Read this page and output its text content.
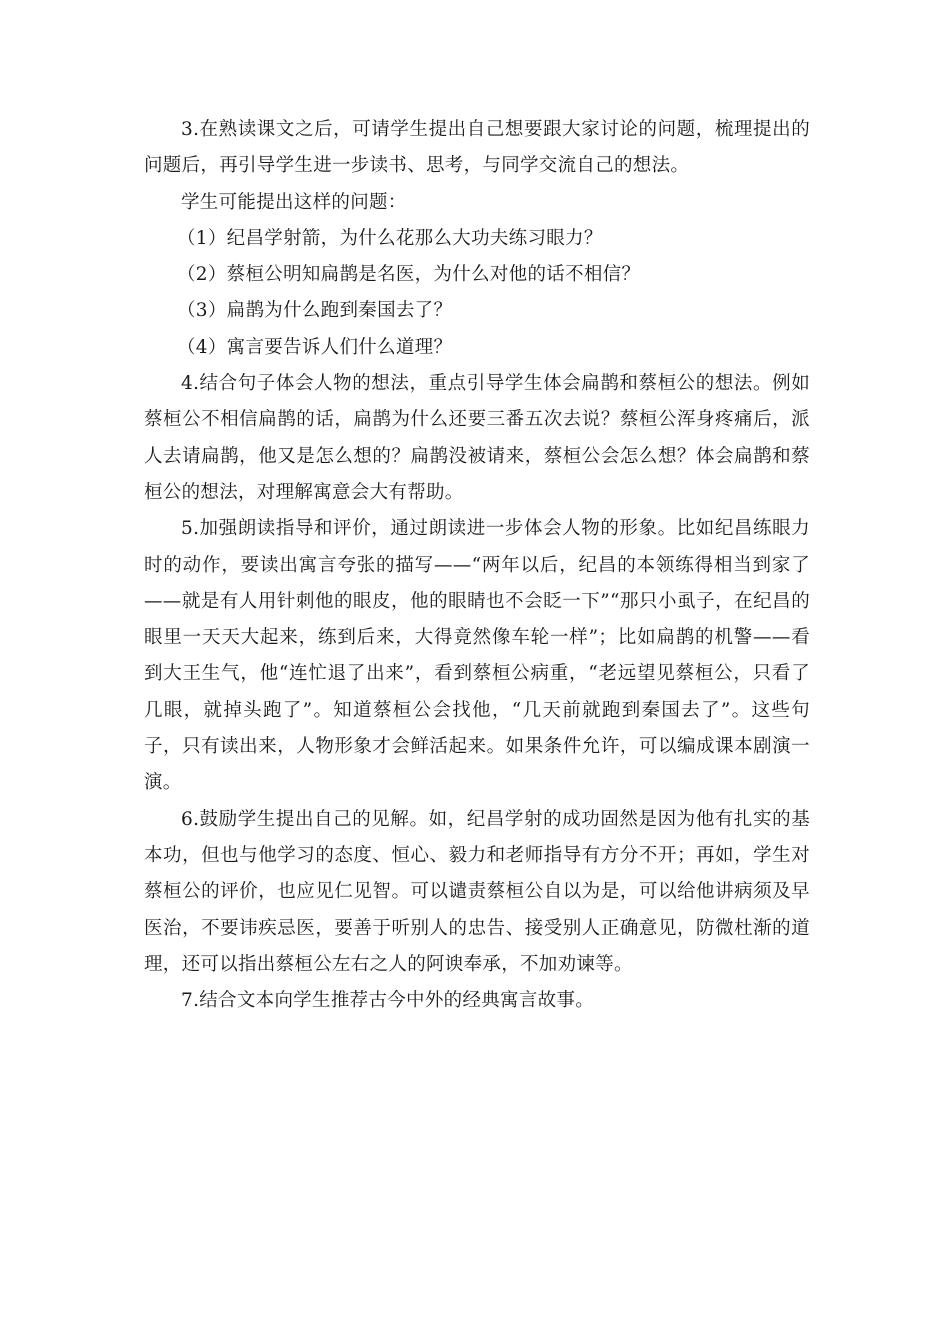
3.在熟读课文之后，可请学生提出自己想要跟大家讨论的问题，梳理提出的问题后，再引导学生进一步读书、思考，与同学交流自己的想法。

学生可能提出这样的问题：

（1）纪昌学射箭，为什么花那么大功夫练习眼力？

（2）蔡桓公明知扁鹊是名医，为什么对他的话不相信？

（3）扁鹊为什么跑到秦国去了？

（4）寓言要告诉人们什么道理？

4.结合句子体会人物的想法，重点引导学生体会扁鹊和蔡桓公的想法。例如蔡桓公不相信扁鹊的话，扁鹊为什么还要三番五次去说？蔡桓公浑身疼痛后，派人去请扁鹊，他又是怎么想的？扁鹊没被请来，蔡桓公会怎么想？体会扁鹊和蔡桓公的想法，对理解寓意会大有帮助。

5.加强朗读指导和评价，通过朗读进一步体会人物的形象。比如纪昌练眼力时的动作，要读出寓言夸张的描写——“两年以后，纪昌的本领练得相当到家了——就是有人用针刺他的眼皮，他的眼睛也不会眨一下”“那只小虱子，在纪昌的眼里一天天大起来，练到后来，大得竟然像车轮一样”；比如扁鹊的机警——看到大王生气，他“连忙退了出来”，看到蔡桓公病重，“老远望见蔡桓公，只看了几眼，就掉头跑了”。知道蔡桓公会找他，“几天前就跑到秦国去了”。这些句子，只有读出来，人物形象才会鲜活起来。如果条件允许，可以编成课本剧演一演。

6.鼓励学生提出自己的见解。如，纪昌学射的成功固然是因为他有扎实的基本功，但也与他学习的态度、恒心、毅力和老师指导有方分不开；再如，学生对蔡桓公的评价，也应见仁见智。可以谴责蔡桓公自以为是，可以给他讲病须及早医治，不要讳疾忌医，要善于听别人的忠告、接受别人正确意见，防微杜渐的道理，还可以指出蔡桓公左右之人的阿谀奉承，不加劝谏等。

7.结合文本向学生推荐古今中外的经典寓言故事。
